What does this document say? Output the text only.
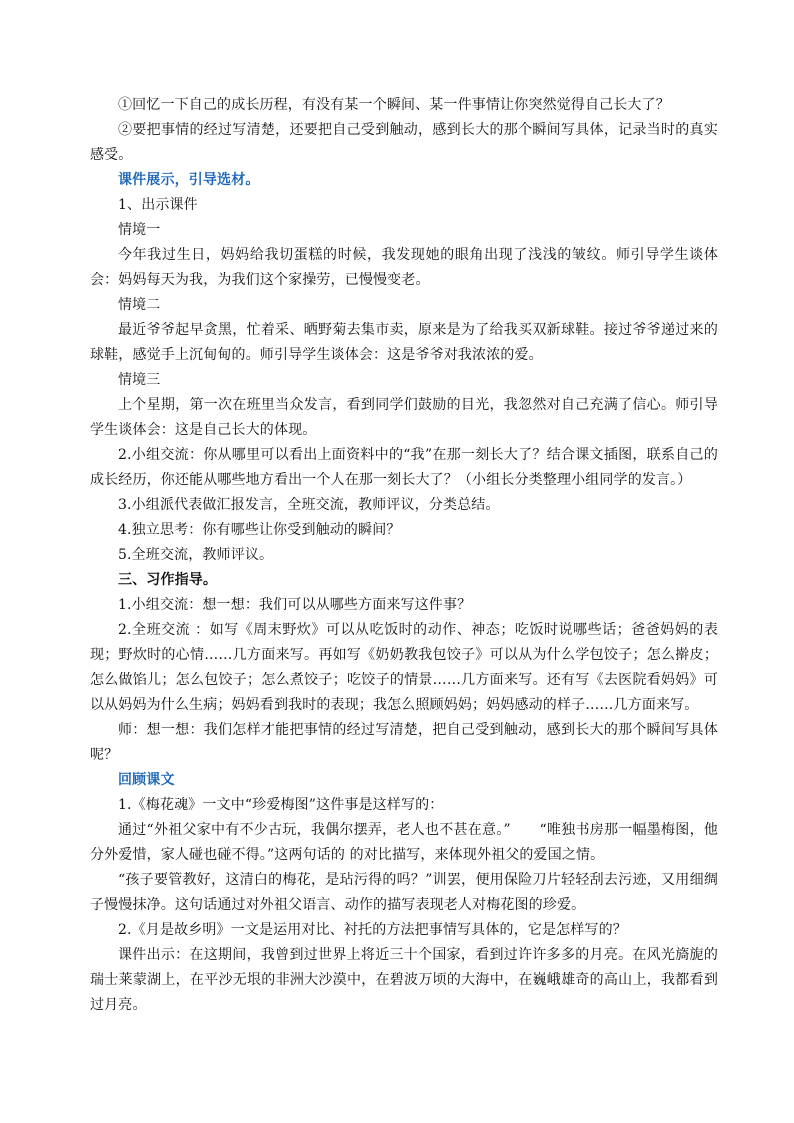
①回忆一下自己的成长历程，有没有某一个瞬间、某一件事情让你突然觉得自己长大了？

②要把事情的经过写清楚，还要把自己受到触动，感到长大的那个瞬间写具体，记录当时的真实感受。

课件展示，引导选材。

1、出示课件

情境一

今年我过生日，妈妈给我切蛋糕的时候，我发现她的眼角出现了浅浅的皱纹。师引导学生谈体会：妈妈每天为我，为我们这个家操劳，已慢慢变老。

情境二

最近爷爷起早贪黑，忙着采、晒野菊去集市卖，原来是为了给我买双新球鞋。接过爷爷递过来的球鞋，感觉手上沉甸甸的。师引导学生谈体会：这是爷爷对我浓浓的爱。

情境三

上个星期，第一次在班里当众发言，看到同学们鼓励的目光，我忽然对自己充满了信心。师引导学生谈体会：这是自己长大的体现。

2.小组交流：你从哪里可以看出上面资料中的“我”在那一刻长大了？结合课文插图，联系自己的成长经历，你还能从哪些地方看出一个人在那一刻长大了？（小组长分类整理小组同学的发言。）

3.小组派代表做汇报发言，全班交流，教师评议，分类总结。

4.独立思考：你有哪些让你受到触动的瞬间？

5.全班交流，教师评议。

三、习作指导。

1.小组交流：想一想：我们可以从哪些方面来写这件事？

2.全班交流 ：如写《周末野炊》可以从吃饭时的动作、神态；吃饭时说哪些话；爸爸妈妈的表现；野炊时的心情……几方面来写。再如写《奶奶教我包饺子》可以从为什么学包饺子；怎么擀皮；怎么做馅儿；怎么包饺子；怎么煮饺子；吃饺子的情景……几方面来写。还有写《去医院看妈妈》可以从妈妈为什么生病；妈妈看到我时的表现；我怎么照顾妈妈；妈妈感动的样子……几方面来写。

师：想一想：我们怎样才能把事情的经过写清楚，把自己受到触动，感到长大的那个瞬间写具体呢？

回顾课文

1.《梅花魂》一文中“珍爱梅图”这件事是这样写的：

通过“外祖父家中有不少古玩，我偶尔摆弄，老人也不甚在意。”　　“唯独书房那一幅墨梅图，他分外爱惜，家人碰也碰不得。”这两句话的 的对比描写，来体现外祖父的爱国之情。

“孩子要管教好，这清白的梅花，是玷污得的吗？”训罢，便用保险刀片轻轻刮去污迹，又用细绸子慢慢抹净。这句话通过对外祖父语言、动作的描写表现老人对梅花图的珍爱。

2.《月是故乡明》一文是运用对比、衬托的方法把事情写具体的，它是怎样写的？

课件出示：在这期间，我曾到过世界上将近三十个国家，看到过许许多多的月亮。在风光旖旎的瑞士莱蒙湖上，在平沙无垠的非洲大沙漠中，在碧波万顷的大海中，在巍峨雄奇的高山上，我都看到过月亮。
